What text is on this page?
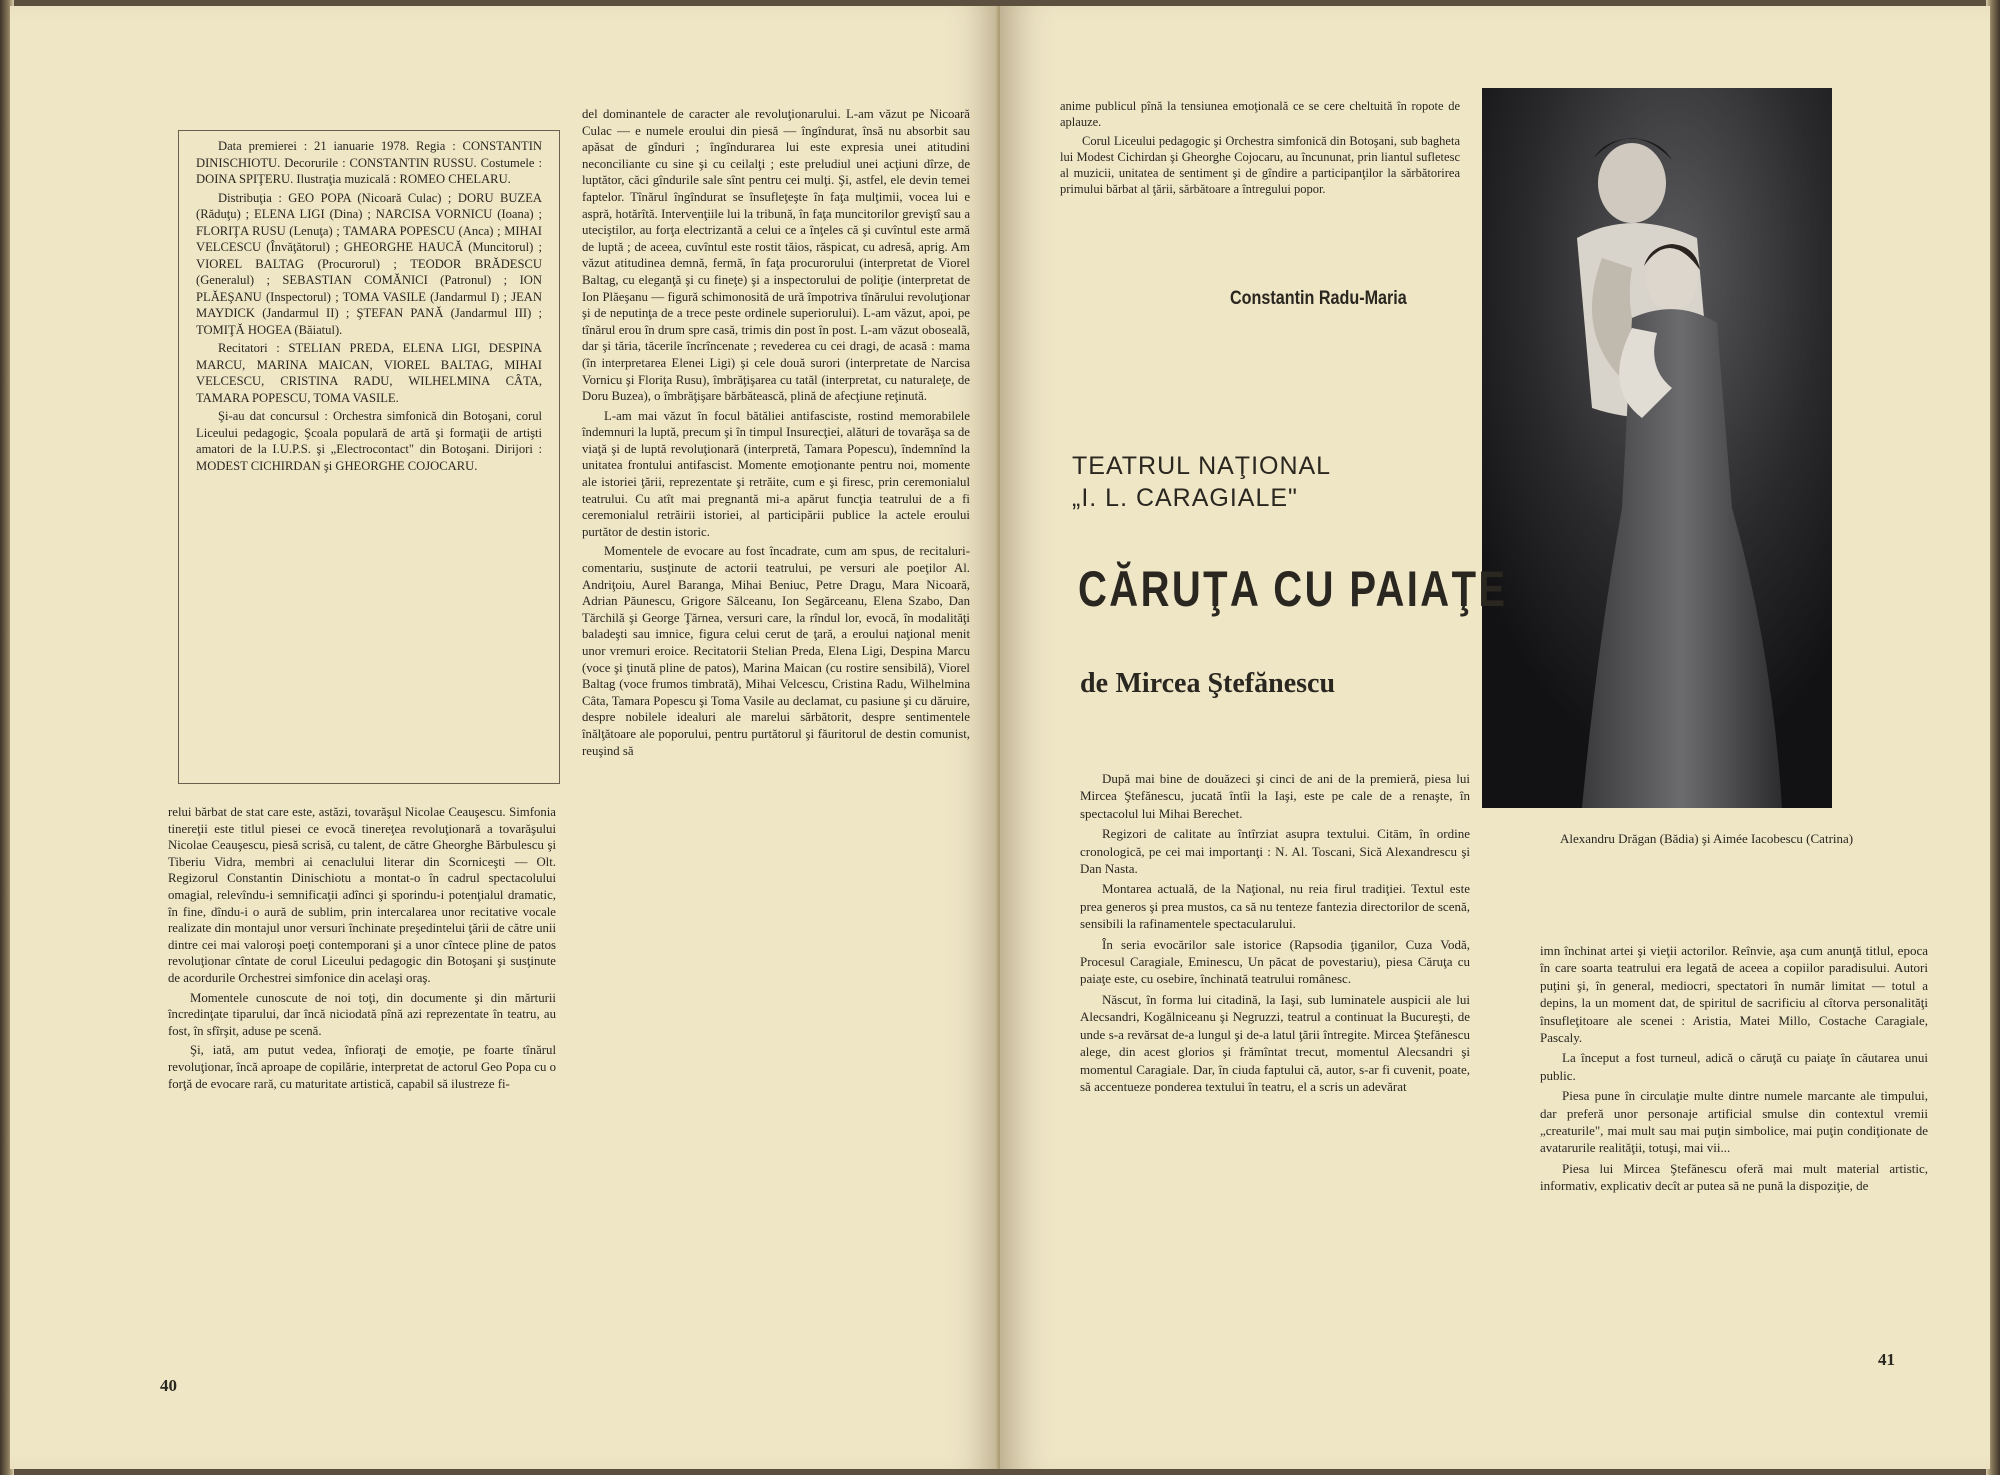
Data premierei : 21 ianuarie 1978. Regia : CONSTANTIN DINISCHIOTU. Decorurile : CONSTANTIN RUSSU. Costumele : DOINA SPIŢERU. Ilustraţia muzicală : ROMEO CHELARU.

Distribuţia : GEO POPA (Nicoară Culac) ; DORU BUZEA (Răduţu) ; ELENA LIGI (Dina) ; NARCISA VORNICU (Ioana) ; FLORIŢA RUSU (Lenuţa) ; TAMARA POPESCU (Anca) ; MIHAI VELCESCU (Învăţătorul) ; GHEORGHE HAUCĂ (Muncitorul) ; VIOREL BALTAG (Procurorul) ; TEODOR BRĂDESCU (Generalul) ; SEBASTIAN COMĂNICI (Patronul) ; ION PLĂEŞANU (Inspectorul) ; TOMA VASILE (Jandarmul I) ; JEAN MAYDICK (Jandarmul II) ; ŞTEFAN PANĂ (Jandarmul III) ; TOMIŢĂ HOGEA (Băiatul).

Recitatori : STELIAN PREDA, ELENA LIGI, DESPINA MARCU, MARINA MAICAN, VIOREL BALTAG, MIHAI VELCESCU, CRISTINA RADU, WILHELMINA CÂTA, TAMARA POPESCU, TOMA VASILE.

Şi-au dat concursul : Orchestra simfonică din Botoşani, corul Liceului pedagogic, Şcoala populară de artă şi formaţii de artişti amatori de la I.U.P.S. şi „Electrocontact" din Botoşani. Dirijori : MODEST CICHIRDAN şi GHEORGHE COJOCARU.

relui bărbat de stat care este, astăzi, tovarăşul Nicolae Ceauşescu. Simfonia tinereţii este titlul piesei ce evocă tinereţea revoluţionară a tovarăşului Nicolae Ceauşescu, piesă scrisă, cu talent, de către Gheorghe Bărbulescu şi Tiberiu Vidra, membri ai cenaclului literar din Scorniceşti — Olt. Regizorul Constantin Dinischiotu a montat-o în cadrul spectacolului omagial, relevîndu-i semnificaţii adînci şi sporindu-i potenţialul dramatic, în fine, dîndu-i o aură de sublim, prin intercalarea unor recitative vocale realizate din montajul unor versuri închinate preşedintelui ţării de către unii dintre cei mai valoroşi poeţi contemporani şi a unor cîntece pline de patos revoluţionar cîntate de corul Liceului pedagogic din Botoşani şi susţinute de acordurile Orchestrei simfonice din acelaşi oraş.

Momentele cunoscute de noi toţi, din documente şi din mărturii încredinţate tiparului, dar încă niciodată pînă azi reprezentate în teatru, au fost, în sfîrşit, aduse pe scenă.

Şi, iată, am putut vedea, înfioraţi de emoţie, pe foarte tînărul revoluţionar, încă aproape de copilărie, interpretat de actorul Geo Popa cu o forţă de evocare rară, cu maturitate artistică, capabil să ilustreze fi-

del dominantele de caracter ale revoluţionarului. L-am văzut pe Nicoară Culac — e numele eroului din piesă — îngîndurat, însă nu absorbit sau apăsat de gînduri ; îngîndurarea lui este expresia unei atitudini neconciliante cu sine şi cu ceilalţi ; este preludiul unei acţiuni dîrze, de luptător, căci gîndurile sale sînt pentru cei mulţi. Şi, astfel, ele devin temei faptelor. Tînărul îngîndurat se însufleţeşte în faţa mulţimii, vocea lui e aspră, hotărîtă. Intervenţiile lui la tribună, în faţa muncitorilor greviştî sau a uteciştilor, au forţa electrizantă a celui ce a înţeles că şi cuvîntul este armă de luptă ; de aceea, cuvîntul este rostit tăios, răspicat, cu adresă, aprig. Am văzut atitudinea demnă, fermă, în faţa procurorului (interpretat de Viorel Baltag, cu eleganţă şi cu fineţe) şi a inspectorului de poliţie (interpretat de Ion Plăeşanu — figură schimonosită de ură împotriva tînărului revoluţionar şi de neputinţa de a trece peste ordinele superiorului). L-am văzut, apoi, pe tînărul erou în drum spre casă, trimis din post în post. L-am văzut obosealã, dar şi tăria, tăcerile încrîncenate ; revederea cu cei dragi, de acasă : mama (în interpretarea Elenei Ligi) şi cele două surori (interpretate de Narcisa Vornicu şi Floriţa Rusu), îmbrăţişarea cu tatăl (interpretat, cu naturaleţe, de Doru Buzea), o îmbrăţişare bărbătească, plină de afecţiune reţinută.

L-am mai văzut în focul bătăliei antifasciste, rostind memorabilele îndemnuri la luptă, precum şi în timpul Insurecţiei, alături de tovarăşa sa de viaţă şi de luptă revoluţionară (interpretă, Tamara Popescu), îndemnînd la unitatea frontului antifascist. Momente emoţionante pentru noi, momente ale istoriei ţării, reprezentate şi retrăite, cum e şi firesc, prin ceremonialul teatrului. Cu atît mai pregnantă mi-a apărut funcţia teatrului de a fi ceremonialul retrăirii istoriei, al participării publice la actele eroului purtător de destin istoric.

Momentele de evocare au fost încadrate, cum am spus, de recitaluri-comentariu, susţinute de actorii teatrului, pe versuri ale poeţilor Al. Andriţoiu, Aurel Baranga, Mihai Beniuc, Petre Dragu, Mara Nicoară, Adrian Păunescu, Grigore Sălceanu, Ion Segărceanu, Elena Szabo, Dan Tărchilă şi George Ţărnea, versuri care, la rîndul lor, evocă, în modalităţi baladeşti sau imnice, figura celui cerut de ţară, a eroului naţional menit unor vremuri eroice. Recitatorii Stelian Preda, Elena Ligi, Despina Marcu (voce şi ţinută pline de patos), Marina Maican (cu rostire sensibilă), Viorel Baltag (voce frumos timbrată), Mihai Velcescu, Cristina Radu, Wilhelmina Câta, Tamara Popescu şi Toma Vasile au declamat, cu pasiune şi cu dăruire, despre nobilele idealuri ale marelui sărbătorit, despre sentimentele înălţătoare ale poporului, pentru purtătorul şi făuritorul de destin comunist, reuşind să

40

anime publicul pînă la tensiunea emoţională ce se cere cheltuită în ropote de aplauze.

Corul Liceului pedagogic şi Orchestra simfonică din Botoşani, sub bagheta lui Modest Cichirdan şi Gheorghe Cojocaru, au încununat, prin liantul sufletesc al muzicii, unitatea de sentiment şi de gîndire a participanţilor la sărbătorirea primului bărbat al ţării, sărbătoare a întregului popor.

Constantin Radu-Maria
Alexandru Drăgan (Bădia) şi Aimée Iacobescu (Catrina)
TEATRUL NAŢIONAL
„I. L. CARAGIALE"
CĂRUŢA CU PAIAŢE
de Mircea Ştefănescu

După mai bine de douăzeci şi cinci de ani de la premieră, piesa lui Mircea Ştefănescu, jucată întîi la Iaşi, este pe cale de a renaşte, în spectacolul lui Mihai Berechet.

Regizori de calitate au întîrziat asupra textului. Citām, în ordine cronologică, pe cei mai importanţi : N. Al. Toscani, Sică Alexandrescu şi Dan Nasta.

Montarea actuală, de la Naţional, nu reia firul tradiţiei. Textul este prea generos şi prea mustos, ca să nu tenteze fantezia directorilor de scenă, sensibili la rafinamentele spectacularului.

În seria evocărilor sale istorice (Rapsodia ţiganilor, Cuza Vodă, Procesul Caragiale, Eminescu, Un păcat de povestariu), piesa Căruţa cu paiaţe este, cu osebire, închinată teatrului românesc.

Născut, în forma lui citadină, la Iaşi, sub luminatele auspicii ale lui Alecsandri, Kogălniceanu şi Negruzzi, teatrul a continuat la Bucureşti, de unde s-a revărsat de-a lungul şi de-a latul ţării întregite. Mircea Ştefănescu alege, din acest glorios şi frămîntat trecut, momentul Alecsandri şi momentul Caragiale. Dar, în ciuda faptului că, autor, s-ar fi cuvenit, poate, să accentueze ponderea textului în teatru, el a scris un adevărat

imn închinat artei şi vieţii actorilor. Reînvie, aşa cum anunţă titlul, epoca în care soarta teatrului era legată de aceea a copiilor paradisului. Autori puţini şi, în general, mediocri, spectatori în număr limitat — totul a depins, la un moment dat, de spiritul de sacrificiu al cîtorva personalităţi însufleţitoare ale scenei : Aristia, Matei Millo, Costache Caragiale, Pascaly.

La început a fost turneul, adică o căruţă cu paiaţe în căutarea unui public.

Piesa pune în circulaţie multe dintre numele marcante ale timpului, dar preferă unor personaje artificial smulse din contextul vremii „creaturile", mai mult sau mai puţin simbolice, mai puţin condiţionate de avatarurile realităţii, totuşi, mai vii...

Piesa lui Mircea Ştefănescu oferă mai mult material artistic, informativ, explicativ decît ar putea să ne pună la dispoziţie, de

41
